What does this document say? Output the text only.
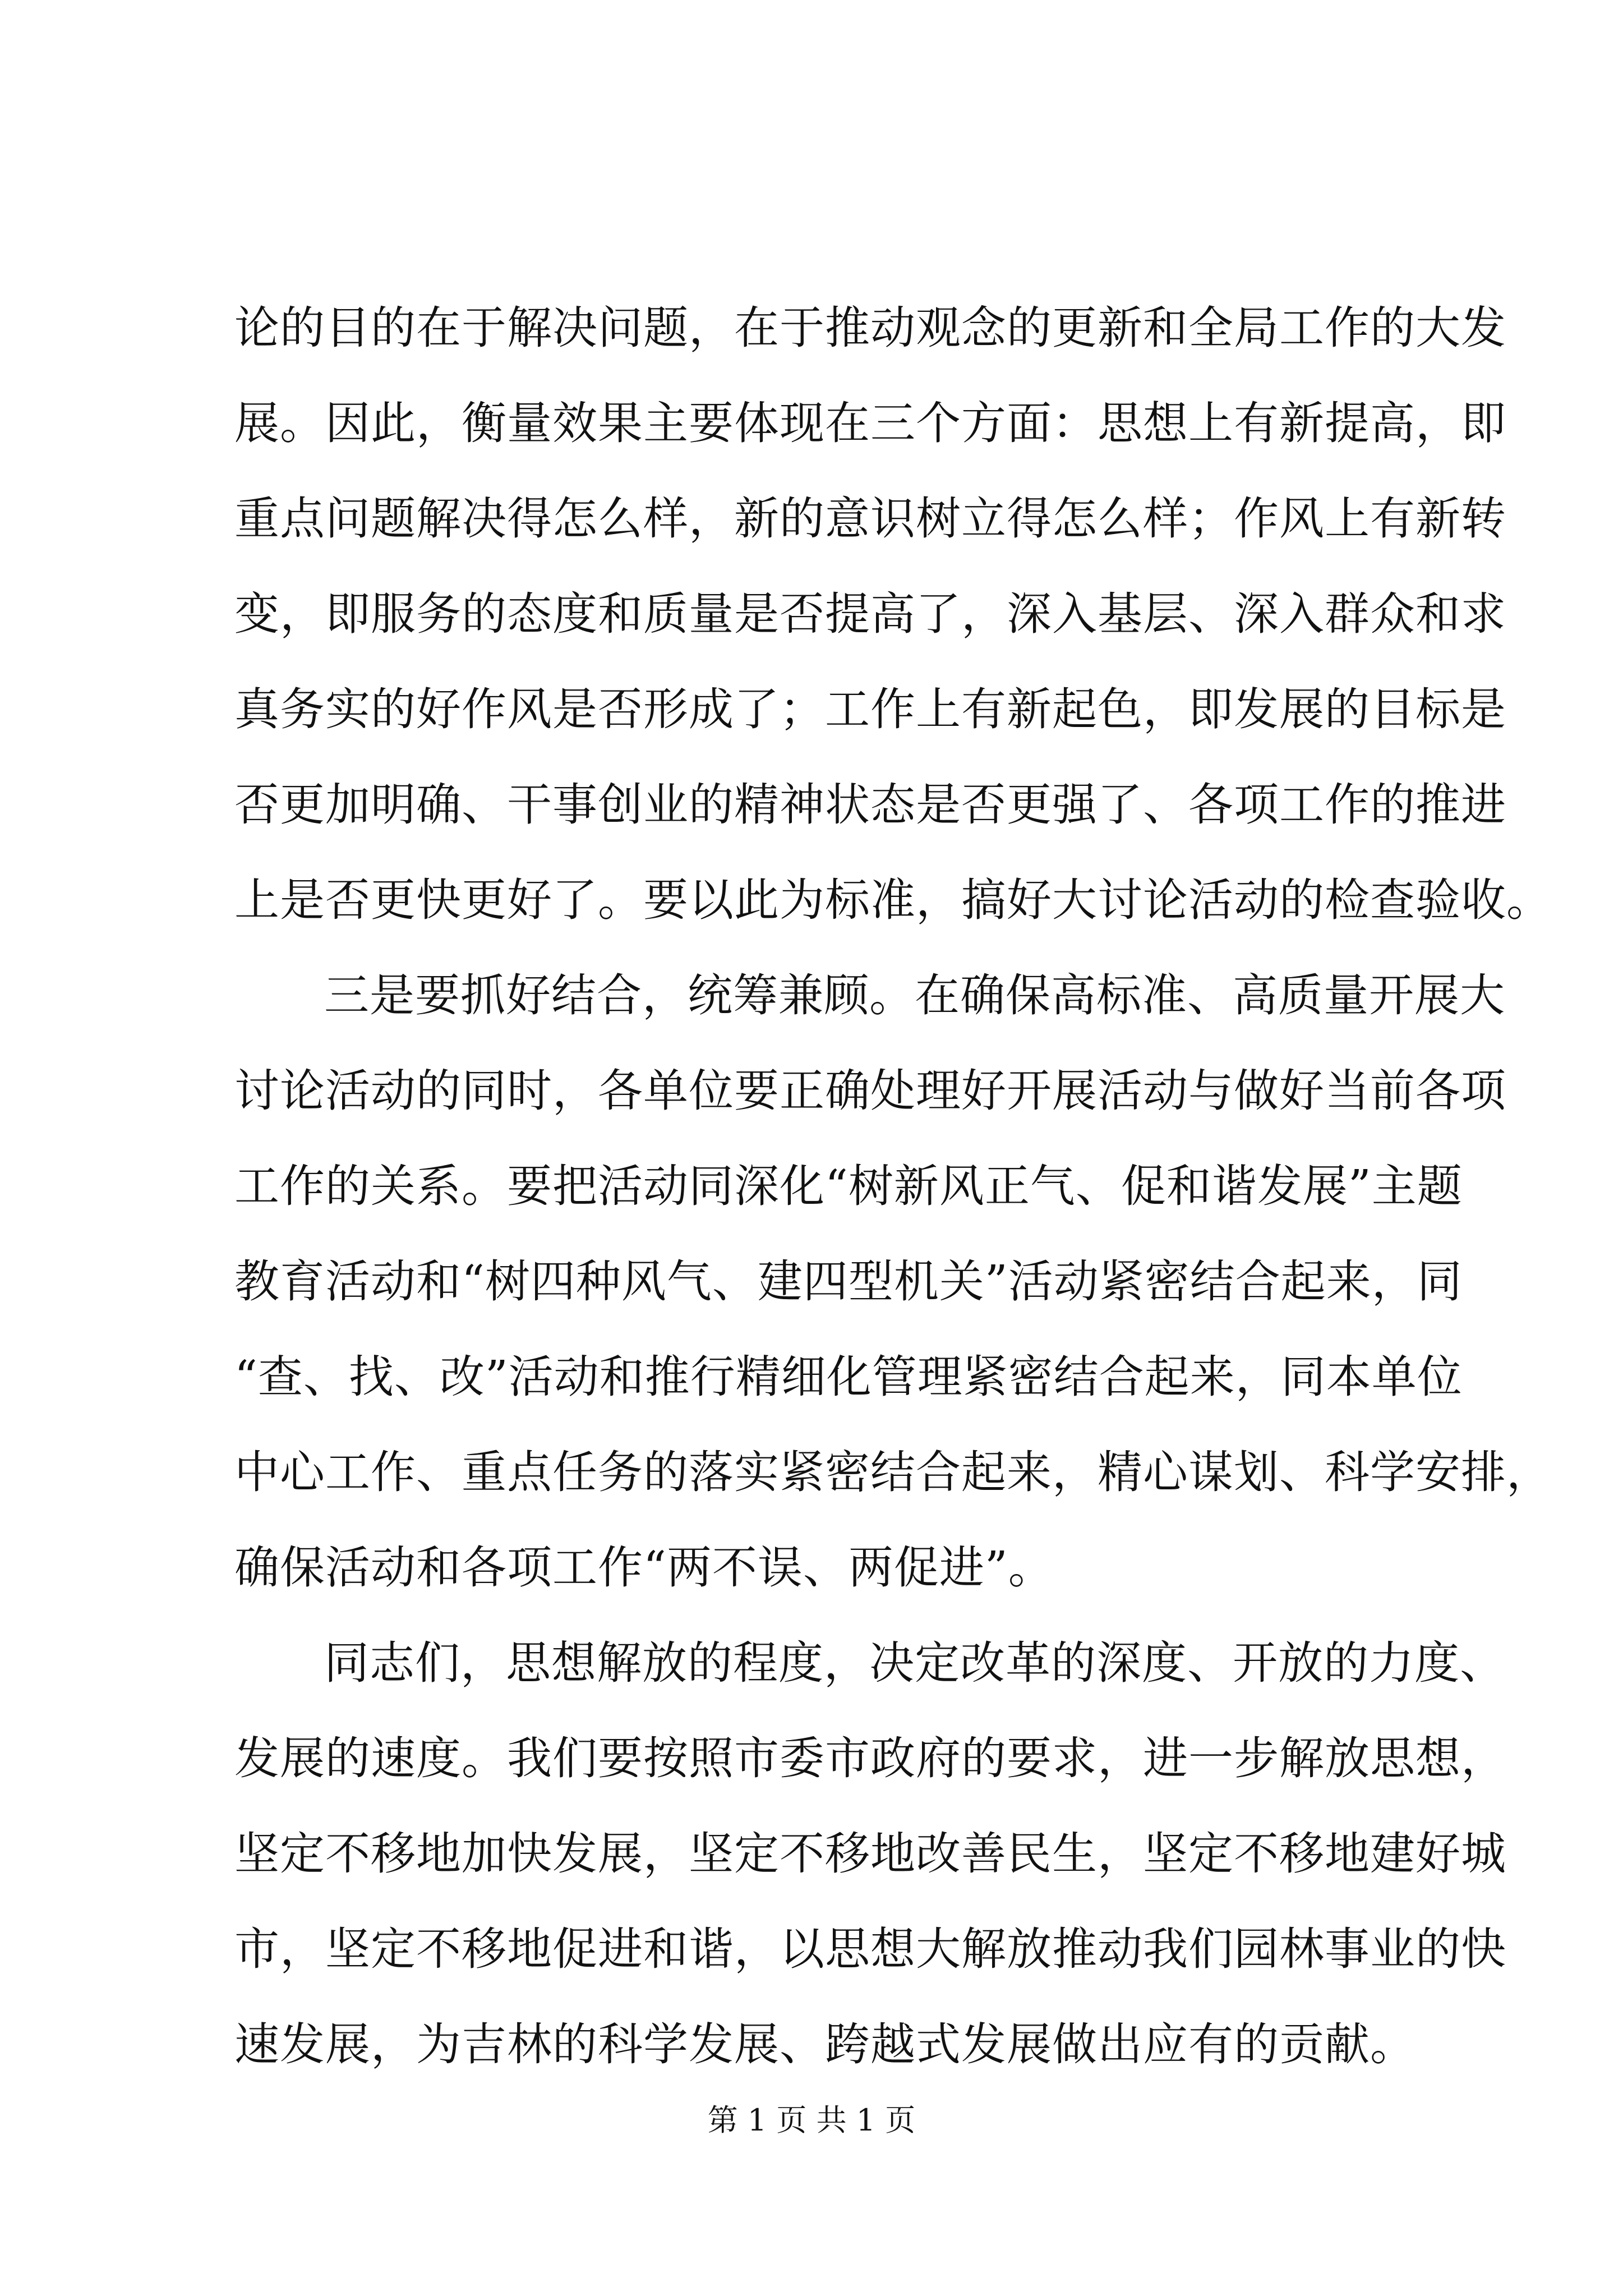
论的目的在于解决问题，在于推动观念的更新和全局工作的大发
展。因此，衡量效果主要体现在三个方面：思想上有新提高，即
重点问题解决得怎么样，新的意识树立得怎么样；作风上有新转
变，即服务的态度和质量是否提高了，深入基层、深入群众和求
真务实的好作风是否形成了；工作上有新起色，即发展的目标是
否更加明确、干事创业的精神状态是否更强了、各项工作的推进
上是否更快更好了。要以此为标准，搞好大讨论活动的检查验收。
三是要抓好结合，统筹兼顾。在确保高标准、高质量开展大
讨论活动的同时，各单位要正确处理好开展活动与做好当前各项
工作的关系。要把活动同深化“树新风正气、促和谐发展”主题
教育活动和“树四种风气、建四型机关”活动紧密结合起来，同
“查、找、改”活动和推行精细化管理紧密结合起来，同本单位
中心工作、重点任务的落实紧密结合起来，精心谋划、科学安排，
确保活动和各项工作“两不误、两促进”。
同志们，思想解放的程度，决定改革的深度、开放的力度、
发展的速度。我们要按照市委市政府的要求，进一步解放思想，
坚定不移地加快发展，坚定不移地改善民生，坚定不移地建好城
市，坚定不移地促进和谐，以思想大解放推动我们园林事业的快
速发展，为吉林的科学发展、跨越式发展做出应有的贡献。
第 1 页 共 1 页
